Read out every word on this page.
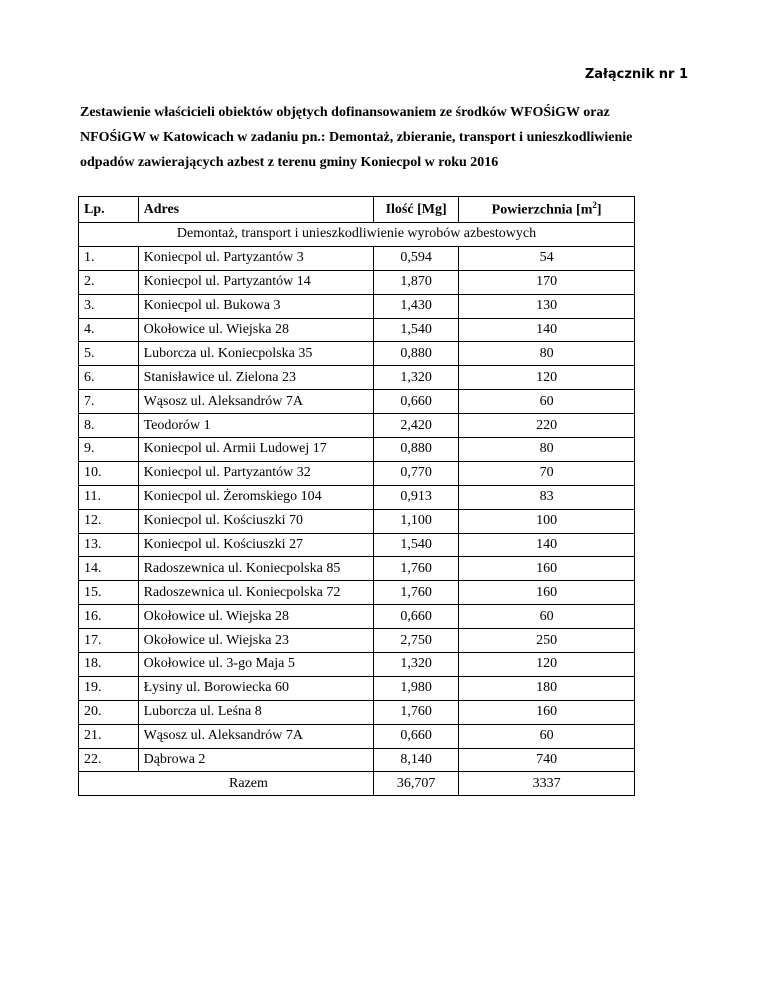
Załącznik nr 1
Zestawienie właścicieli obiektów objętych dofinansowaniem ze środków WFOŚiGW oraz
NFOŚiGW w Katowicach w zadaniu pn.: Demontaż, zbieranie, transport i unieszkodliwienie
odpadów zawierających azbest z terenu gminy Koniecpol w roku 2016
Lp.	Adres	Ilość [Mg]	Powierzchnia $[m^2]$
Demontaż, transport i unieszkodliwienie wyrobów azbestowych			
1.	Koniecpol ul. Partyzantów 3	0,594	54
2.	Koniecpol ul. Partyzantów 14	1,870	170
3.	Koniecpol ul. Bukowa 3	1,430	130
4.	Okołowice ul. Wiejska 28	1,540	140
5.	Luborcza ul. Koniecpolska 35	0,880	80
6.	Stanisławice ul. Zielona 23	1,320	120
7.	Wąsosz ul. Aleksandrów 7A	0,660	60
8.	Teodorów 1	2,420	220
9.	Koniecpol ul. Armii Ludowej 17	0,880	80
10.	Koniecpol ul. Partyzantów 32	0,770	70
11.	Koniecpol ul. Żeromskiego 104	0,913	83
12.	Koniecpol ul. Kościuszki 70	1,100	100
13.	Koniecpol ul. Kościuszki 27	1,540	140
14.	Radoszewnica ul. Koniecpolska 85	1,760	160
15.	Radoszewnica ul. Koniecpolska 72	1,760	160
16.	Okołowice ul. Wiejska 28	0,660	60
17.	Okołowice ul. Wiejska 23	2,750	250
18.	Okołowice ul. 3-go Maja 5	1,320	120
19.	Łysiny ul. Borowiecka 60	1,980	180
20.	Luborcza ul. Leśna 8	1,760	160
21.	Wąsosz ul. Aleksandrów 7A	0,660	60
22.	Dąbrowa 2	8,140	740
Razem		36,707	3337
